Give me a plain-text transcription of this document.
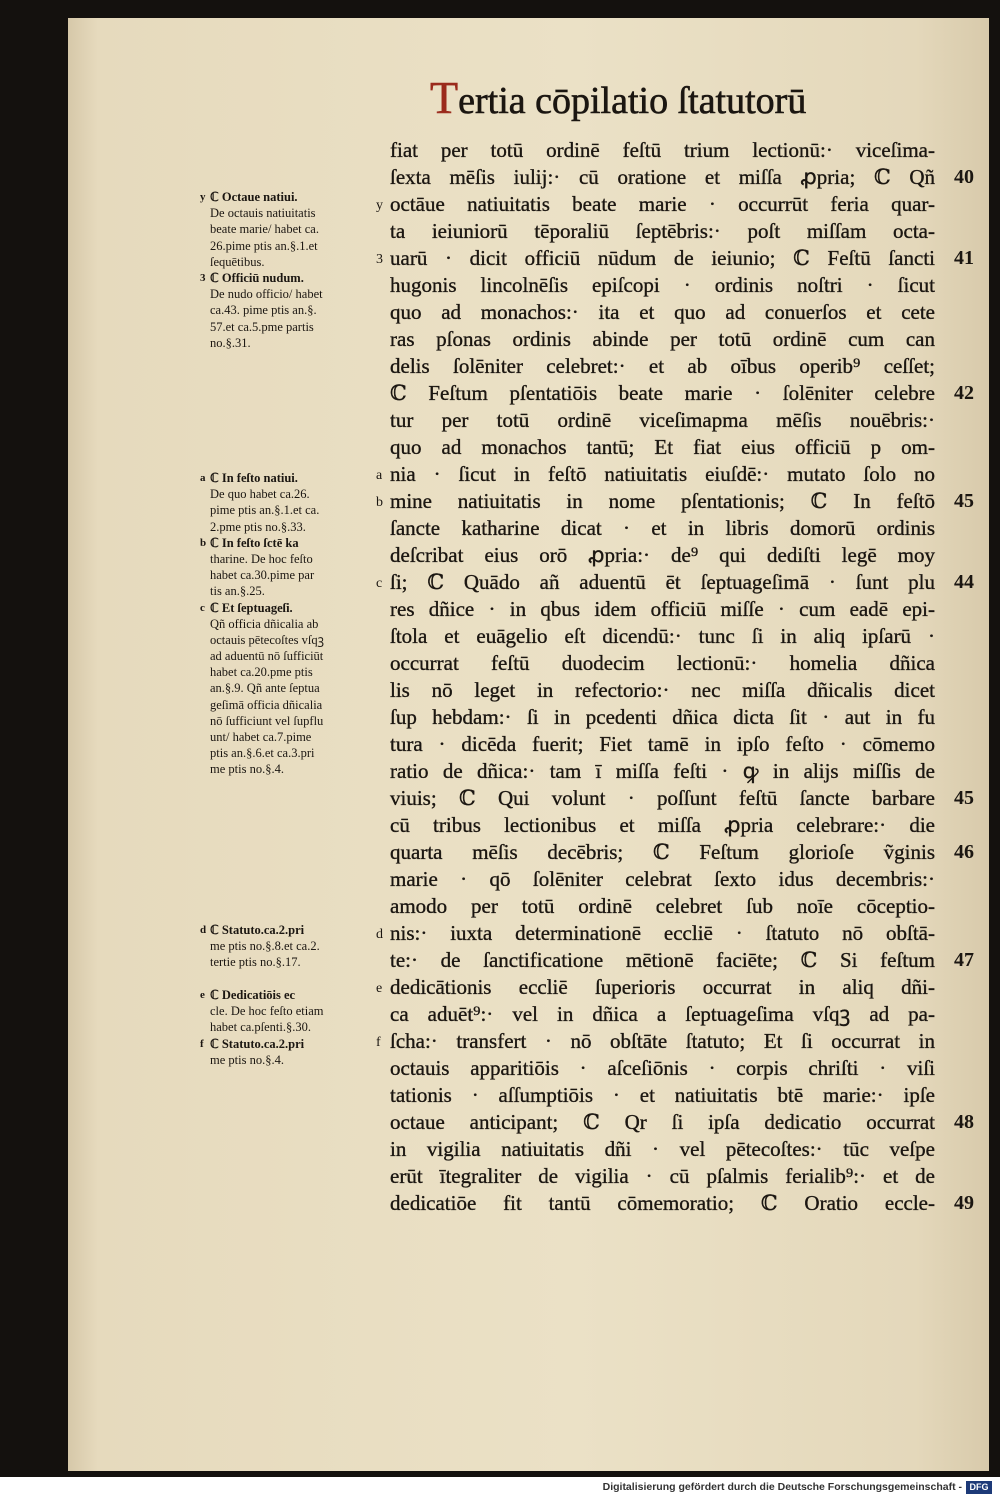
Tertia cōpilatio ſtatutorū
y ℂ Octaue natiui.
De octauis natiuitatis
beate marie/ habet ca.
26.pime ptis an.§.1.et
ſequētibus.
3 ℂ Officiū nudum.
De nudo officio/ habet
ca.43. pime ptis an.§.
57.et ca.5.pme partis
no.§.31.
a ℂ In feſto natiui.
De quo habet ca.26.
pime ptis an.§.1.et ca.
2.pme ptis no.§.33.
b ℂ In feſto ſctē ka
tharine. De hoc feſto
habet ca.30.pime par
tis an.§.25.
c ℂ Et ſeptuageſi.
Qñ officia dñicalia ab
octauis pētecoſtes vſqꝫ
ad aduentū nō ſufficiūt
habet ca.20.pme ptis
an.§.9. Qñ ante ſeptua
geſimā officia dñicalia
nō ſufficiunt vel ſupflu
unt/ habet ca.7.pime
ptis an.§.6.et ca.3.pri
me ptis no.§.4.
d ℂ Statuto.ca.2.pri
me ptis no.§.8.et ca.2.
tertie ptis no.§.17.
e ℂ Dedicatiōis ec
cle. De hoc feſto etiam
habet ca.pſenti.§.30.
f ℂ Statuto.ca.2.pri
me ptis no.§.4.
fiat per totū ordinē feſtū trium lectionū:· viceſima-
ſexta mēſis iulij:· cū oratione et miſſa ꝓpria; ℂ Qñ 40
y octāue natiuitatis beate marie · occurrūt feria quar-
ta ieiuniorū tēporaliū ſeptēbris:· poſt miſſam octa-
3 uarū · dicit officiū nūdum de ieiunio; ℂ Feſtū ſancti 41
hugonis lincolnēſis epiſcopi · ordinis noſtri · ſicut
quo ad monachos:· ita et quo ad conuerſos et cete
ras pſonas ordinis abinde per totū ordinē cum can
delis ſolēniter celebret:· et ab oībus operib⁹ ceſſet;
ℂ Feſtum pſentatiōis beate marie · ſolēniter celebre 42
tur per totū ordinē viceſimapma mēſis nouēbris:·
quo ad monachos tantū; Et fiat eius officiū p om-
a nia · ſicut in feſtō natiuitatis eiuſdē:· mutato ſolo no
b mine natiuitatis in nome pſentationis; ℂ In feſtō 45
ſancte katharine dicat · et in libris domorū ordinis
deſcribat eius orō ꝓpria:· de⁹ qui dediſti legē moy
c ſi; ℂ Quādo añ aduentū ēt ſeptuageſimā · ſunt plu 44
res dñice · in qbus idem officiū miſſe · cum eadē epi-
ſtola et euāgelio eſt dicendū:· tunc ſi in aliq ipſarū ·
occurrat feſtū duodecim lectionū:· homelia dñica
lis nō leget in refectorio:· nec miſſa dñicalis dicet
ſup hebdam:· ſi in pcedenti dñica dicta ſit · aut in fu
tura · dicēda fuerit; Fiet tamē in ipſo feſto · cōmemo
ratio de dñica:· tam ī miſſa feſti · ꝙ in alijs miſſis de
viuis; ℂ Qui volunt · poſſunt feſtū ſancte barbare 45
cū tribus lectionibus et miſſa ꝓpria celebrare:· die
quarta mēſis decēbris; ℂ Feſtum glorioſe ṽginis 46
marie · qō ſolēniter celebrat ſexto idus decembris:·
amodo per totū ordinē celebret ſub noīe cōceptio-
d nis:· iuxta determinationē eccliē · ſtatuto nō obſtā-
te:· de ſanctificatione mētionē faciēte; ℂ Si feſtum 47
e dedicātionis eccliē ſuperioris occurrat in aliq dñi-
ca aduēt⁹:· vel in dñica a ſeptuageſima vſqꝫ ad pa-
f ſcha:· transfert · nō obſtāte ſtatuto; Et ſi occurrat in
octauis apparitiōis · aſceſiōnis · corpis chriſti · viſi
tationis · aſſumptiōis · et natiuitatis btē marie:· ipſe
octaue anticipant; ℂ Qr ſi ipſa dedicatio occurrat 48
in vigilia natiuitatis dñi · vel pētecoſtes:· tūc veſpe
erūt ītegraliter de vigilia · cū pſalmis ferialib⁹:· et de
dedicatiōe fit tantū cōmemoratio; ℂ Oratio eccle- 49
Digitalisierung gefördert durch die Deutsche Forschungsgemeinschaft - DFG
